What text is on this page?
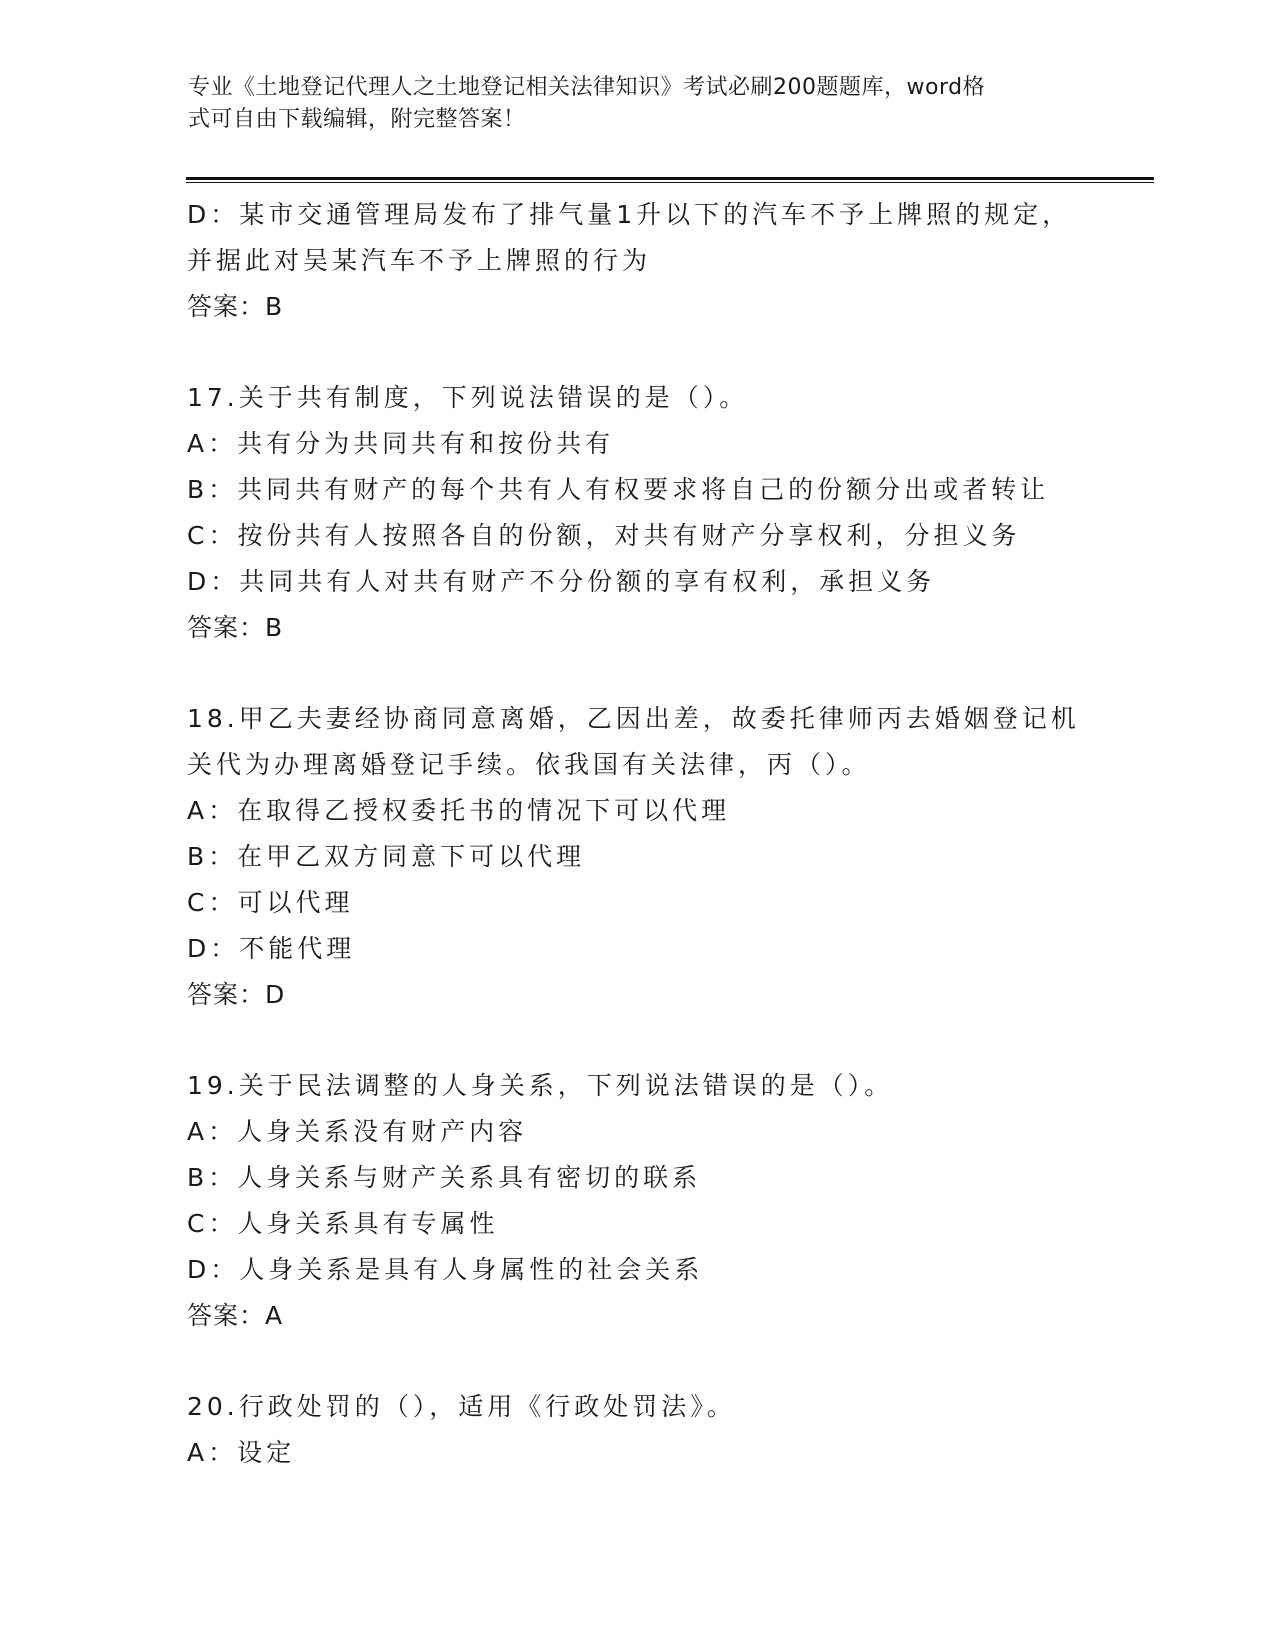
专业《土地登记代理人之土地登记相关法律知识》考试必刷200题题库，word格
式可自由下载编辑，附完整答案！
D：某市交通管理局发布了排气量1升以下的汽车不予上牌照的规定，
并据此对吴某汽车不予上牌照的行为
答案：B
17.关于共有制度，下列说法错误的是（）。
A：共有分为共同共有和按份共有
B：共同共有财产的每个共有人有权要求将自己的份额分出或者转让
C：按份共有人按照各自的份额，对共有财产分享权利，分担义务
D：共同共有人对共有财产不分份额的享有权利，承担义务
答案：B
18.甲乙夫妻经协商同意离婚，乙因出差，故委托律师丙去婚姻登记机
关代为办理离婚登记手续。依我国有关法律，丙（）。
A：在取得乙授权委托书的情况下可以代理
B：在甲乙双方同意下可以代理
C：可以代理
D：不能代理
答案：D
19.关于民法调整的人身关系，下列说法错误的是（）。
A：人身关系没有财产内容
B：人身关系与财产关系具有密切的联系
C：人身关系具有专属性
D：人身关系是具有人身属性的社会关系
答案：A
20.行政处罚的（），适用《行政处罚法》。
A：设定
